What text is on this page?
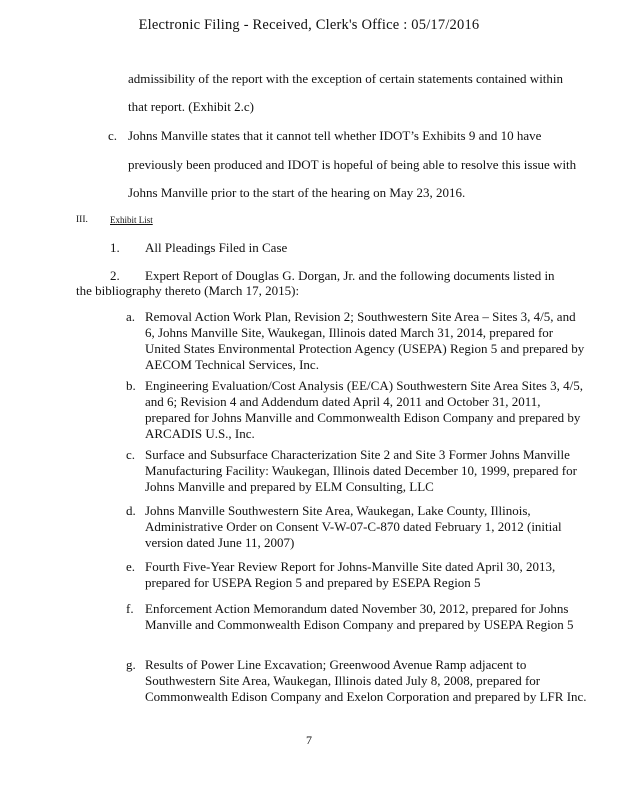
Electronic Filing - Received, Clerk's Office : 05/17/2016
admissibility of the report with the exception of certain statements contained within
that report. (Exhibit 2.c)
c. Johns Manville states that it cannot tell whether IDOT’s Exhibits 9 and 10 have
previously been produced and IDOT is hopeful of being able to resolve this issue with
Johns Manville prior to the start of the hearing on May 23, 2016.
III. Exhibit List
1. All Pleadings Filed in Case
2. Expert Report of Douglas G. Dorgan, Jr. and the following documents listed in
the bibliography thereto (March 17, 2015):
a. Removal Action Work Plan, Revision 2; Southwestern Site Area – Sites 3, 4/5, and 6, Johns Manville Site, Waukegan, Illinois dated March 31, 2014, prepared for United States Environmental Protection Agency (USEPA) Region 5 and prepared by AECOM Technical Services, Inc.
b. Engineering Evaluation/Cost Analysis (EE/CA) Southwestern Site Area Sites 3, 4/5, and 6; Revision 4 and Addendum dated April 4, 2011 and October 31, 2011, prepared for Johns Manville and Commonwealth Edison Company and prepared by ARCADIS U.S., Inc.
c. Surface and Subsurface Characterization Site 2 and Site 3 Former Johns Manville Manufacturing Facility: Waukegan, Illinois dated December 10, 1999, prepared for Johns Manville and prepared by ELM Consulting, LLC
d. Johns Manville Southwestern Site Area, Waukegan, Lake County, Illinois, Administrative Order on Consent V-W-07-C-870 dated February 1, 2012 (initial version dated June 11, 2007)
e. Fourth Five-Year Review Report for Johns-Manville Site dated April 30, 2013, prepared for USEPA Region 5 and prepared by ESEPA Region 5
f. Enforcement Action Memorandum dated November 30, 2012, prepared for Johns Manville and Commonwealth Edison Company and prepared by USEPA Region 5
g. Results of Power Line Excavation; Greenwood Avenue Ramp adjacent to Southwestern Site Area, Waukegan, Illinois dated July 8, 2008, prepared for Commonwealth Edison Company and Exelon Corporation and prepared by LFR Inc.
7
